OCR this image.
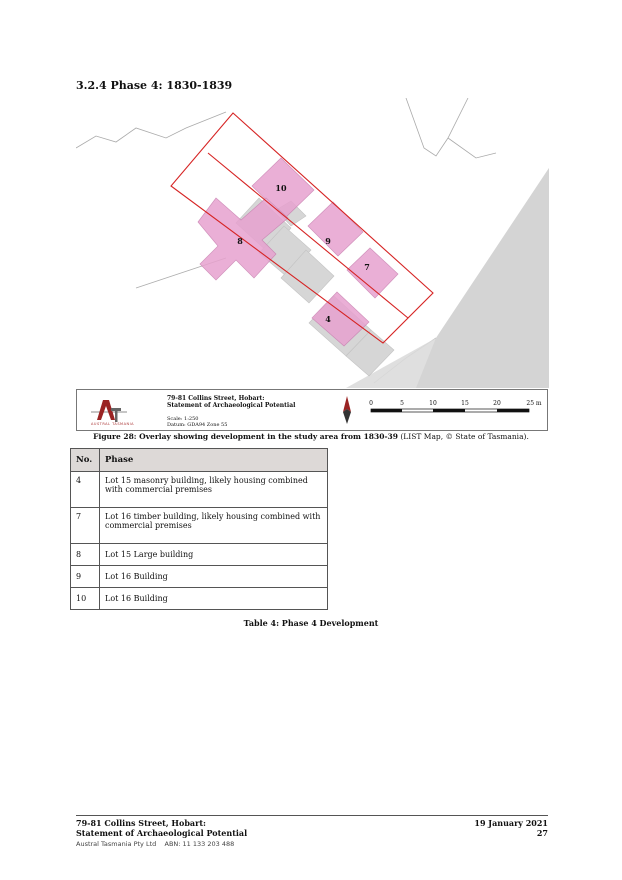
3.2.4 Phase 4: 1830-1839
10
9
8
7
4
AUSTRAL TASMANIA
79-81 Collins Street, Hobart:
Statement of Archaeological Potential
Scale: 1:250
Datum: GDA94 Zone 55
0	5	10	15	20	25 m
Figure 28: Overlay showing development in the study area from 1830-39 (LIST Map, © State of Tasmania).
No.	Phase
4	Lot 15 masonry building, likely housing combined with commercial premises
7	Lot 16 timber building, likely housing combined with commercial premises
8	Lot 15 Large building
9	Lot 16 Building
10	Lot 16 Building
Table 4: Phase 4 Development
79-81 Collins Street, Hobart:
Statement of Archaeological Potential
19 January 2021
27
Austral Tasmania Pty Ltd    ABN: 11 133 203 488
